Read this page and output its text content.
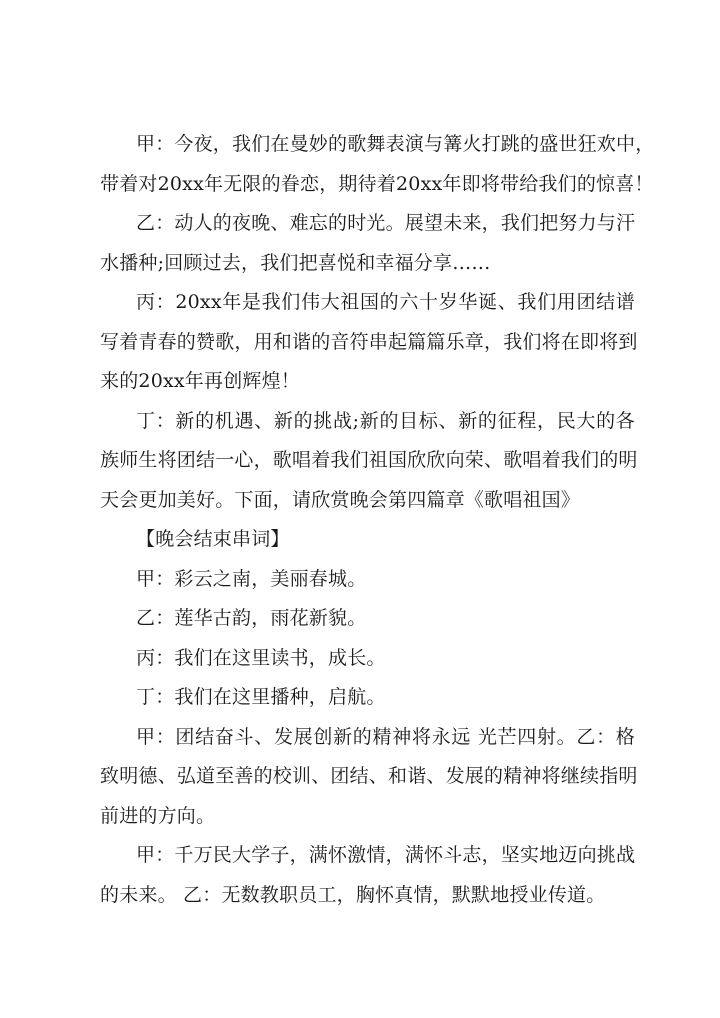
甲：今夜，我们在曼妙的歌舞表演与篝火打跳的盛世狂欢中，
带着对20xx年无限的眷恋，期待着20xx年即将带给我们的惊喜！
乙：动人的夜晚、难忘的时光。展望未来，我们把努力与汗
水播种;回顾过去，我们把喜悦和幸福分享……
丙：20xx年是我们伟大祖国的六十岁华诞、我们用团结谱
写着青春的赞歌，用和谐的音符串起篇篇乐章，我们将在即将到
来的20xx年再创辉煌！
丁：新的机遇、新的挑战;新的目标、新的征程，民大的各
族师生将团结一心，歌唱着我们祖国欣欣向荣、歌唱着我们的明
天会更加美好。下面，请欣赏晚会第四篇章《歌唱祖国》
【晚会结束串词】
甲：彩云之南，美丽春城。
乙：莲华古韵，雨花新貌。
丙：我们在这里读书，成长。
丁：我们在这里播种，启航。
甲：团结奋斗、发展创新的精神将永远 光芒四射。乙：格
致明德、弘道至善的校训、团结、和谐、发展的精神将继续指明
前进的方向。
甲：千万民大学子，满怀激情，满怀斗志，坚实地迈向挑战
的未来。 乙：无数教职员工，胸怀真情，默默地授业传道。
